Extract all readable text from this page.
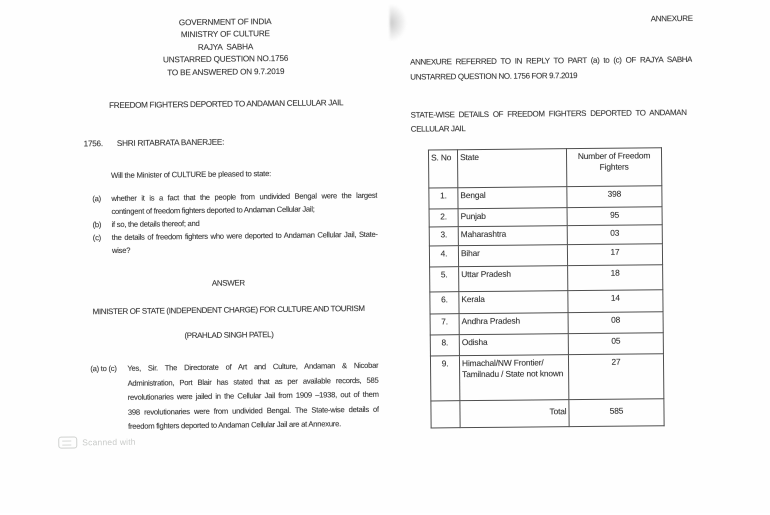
GOVERNMENT OF INDIA
MINISTRY OF CULTURE
RAJYA  SABHA
UNSTARRED QUESTION NO.1756
TO BE ANSWERED ON 9.7.2019
FREEDOM FIGHTERS DEPORTED TO ANDAMAN CELLULAR JAIL
1756. SHRI RITABRATA BANERJEE:
Will the Minister of CULTURE be pleased to state:
(a)	whether it is a fact that the people from undivided Bengal were the largest
contingent of freedom fighters deported to Andaman Cellular Jail;
(b)	if so, the details thereof; and
(c)	the details of freedom fighters who were deported to Andaman Cellular Jail, State-
wise?
ANSWER
MINISTER OF STATE (INDEPENDENT CHARGE) FOR CULTURE AND TOURISM
(PRAHLAD SINGH PATEL)
(a) to (c)	Yes, Sir. The Directorate of Art and Culture, Andaman & Nicobar
Administration, Port Blair has stated that as per available records, 585
revolutionaries were jailed in the Cellular Jail from 1909 –1938, out of them
398 revolutionaries were from undivided Bengal. The State-wise details of
freedom fighters deported to Andaman Cellular Jail are at Annexure.
Scanned with
ANNEXURE
ANNEXURE REFERRED TO IN REPLY TO PART (a) to (c) OF RAJYA SABHA
UNSTARRED QUESTION NO. 1756 FOR 9.7.2019
STATE-WISE DETAILS OF FREEDOM FIGHTERS DEPORTED TO ANDAMAN
CELLULAR JAIL
S. No	State	Number of Freedom Fighters
1.	Bengal	398
2.	Punjab	95
3.	Maharashtra	03
4.	Bihar	17
5.	Uttar Pradesh	18
6.	Kerala	14
7.	Andhra Pradesh	08
8.	Odisha	05
9.	Himachal/NW Frontier/
Tamilnadu / State not known	27
	Total	585
